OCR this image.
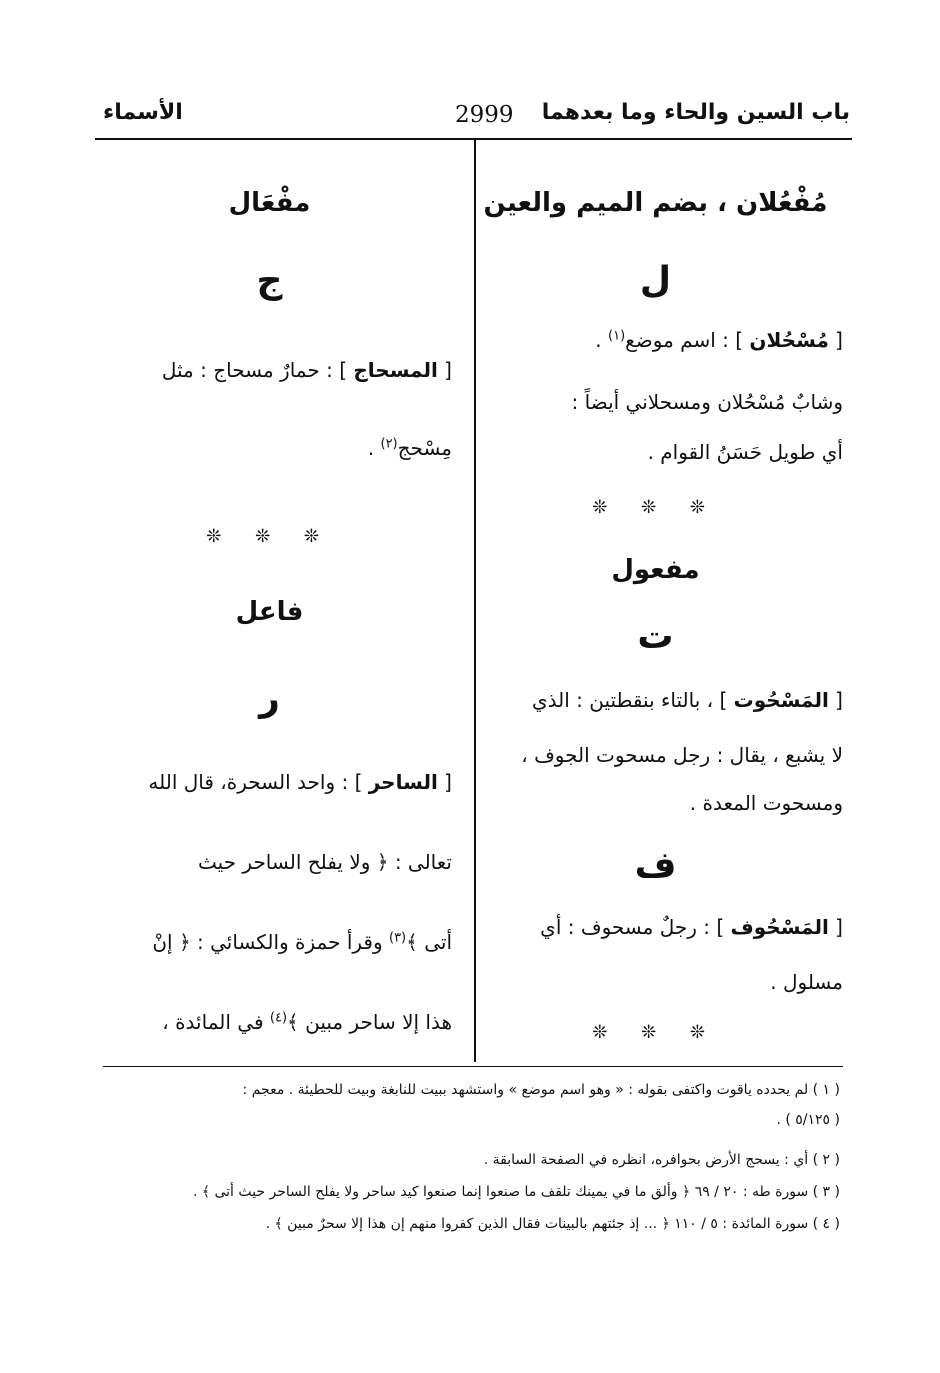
باب السين والحاء وما بعدهما
2999
الأسماء
مُفْعُلان ، بضم الميم والعين
ل
[ مُسْحُلان ] : اسم موضع$^{(١)}$ .
وشابٌ مُسْحُلان ومسحلاني أيضاً :
أي طويل حَسَنُ القوام .
❊ ❊ ❊
مفعول
ت
[ المَسْحُوت ] ، بالتاء بنقطتين : الذي
لا يشبع ، يقال : رجل مسحوت الجوف ،
ومسحوت المعدة .
ف
[ المَسْحُوف ] : رجلٌ مسحوف : أي
مسلول .
❊ ❊ ❊
مفْعَال
ج
[ المسحاج ] : حمارٌ مسحاج : مثل
مِسْحج$^{(٢)}$ .
❊ ❊ ❊
فاعل
ر
[ الساحر ] : واحد السحرة، قال الله
تعالى : ﴿ ولا يفلح الساحر حيث
أتى ﴾$^{(٣)}$ وقرأ حمزة والكسائي : ﴿ إنْ
هذا إلا ساحر مبين ﴾$^{(٤)}$ في المائدة ،
( ١ ) لم يحدده ياقوت واكتفى بقوله : « وهو اسم موضع » واستشهد ببيت للنابغة وبيت للحطيئة . معجم :
( ٥/١٢٥ ) .
( ٢ ) أي : يسحج الأرض بحوافره، انظره في الصفحة السابقة .
( ٣ ) سورة طه : ٢٠ / ٦٩ ﴿ وألق ما في يمينك تلقف ما صنعوا إنما صنعوا كيد ساحر ولا يفلح الساحر حيث أتى ﴾ .
( ٤ ) سورة المائدة : ٥ / ١١٠ ﴿ ... إذ جئتهم بالبينات فقال الذين كفروا منهم إن هذا إلا سحرٌ مبين ﴾ .
